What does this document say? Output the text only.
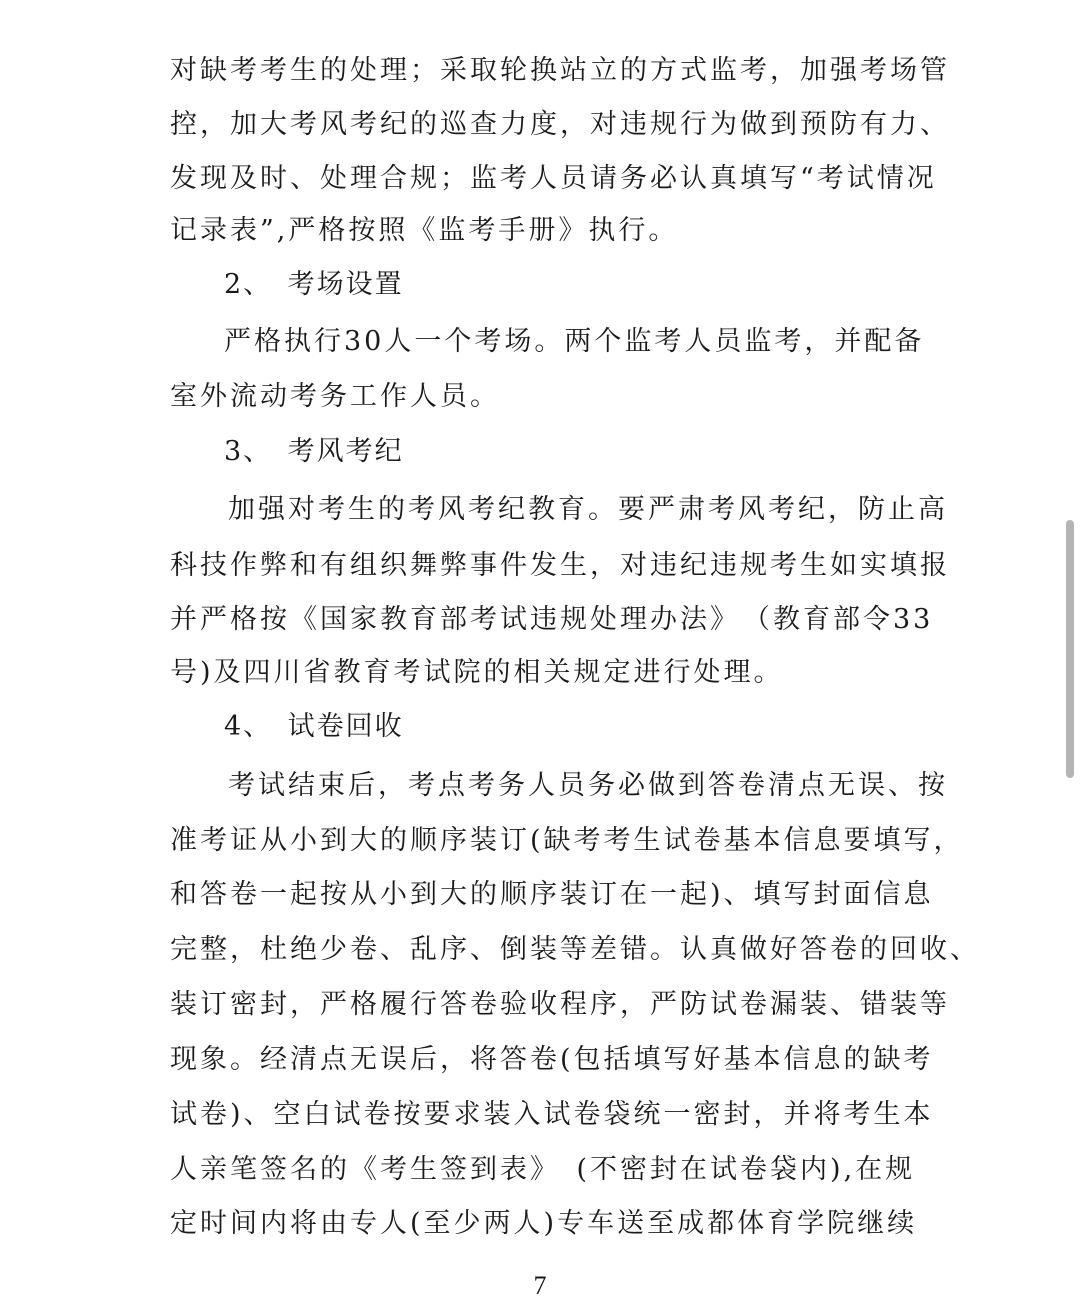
对缺考考生的处理；采取轮换站立的方式监考，加强考场管
控，加大考风考纪的巡查力度，对违规行为做到预防有力、
发现及时、处理合规；监考人员请务必认真填写“考试情况
记录表”,严格按照《监考手册》执行。
2、　考场设置
严格执行30人一个考场。两个监考人员监考，并配备
室外流动考务工作人员。
3、　考风考纪
加强对考生的考风考纪教育。要严肃考风考纪，防止高
科技作弊和有组织舞弊事件发生，对违纪违规考生如实填报
并严格按《国家教育部考试违规处理办法》　（教育部令33
号)及四川省教育考试院的相关规定进行处理。
4、　试卷回收
考试结束后，考点考务人员务必做到答卷清点无误、按
准考证从小到大的顺序装订(缺考考生试卷基本信息要填写，
和答卷一起按从小到大的顺序装订在一起)、填写封面信息
完整，杜绝少卷、乱序、倒装等差错。认真做好答卷的回收、
装订密封，严格履行答卷验收程序，严防试卷漏装、错装等
现象。经清点无误后，将答卷(包括填写好基本信息的缺考
试卷)、空白试卷按要求装入试卷袋统一密封，并将考生本
人亲笔签名的《考生签到表》　(不密封在试卷袋内),在规
定时间内将由专人(至少两人)专车送至成都体育学院继续
7
